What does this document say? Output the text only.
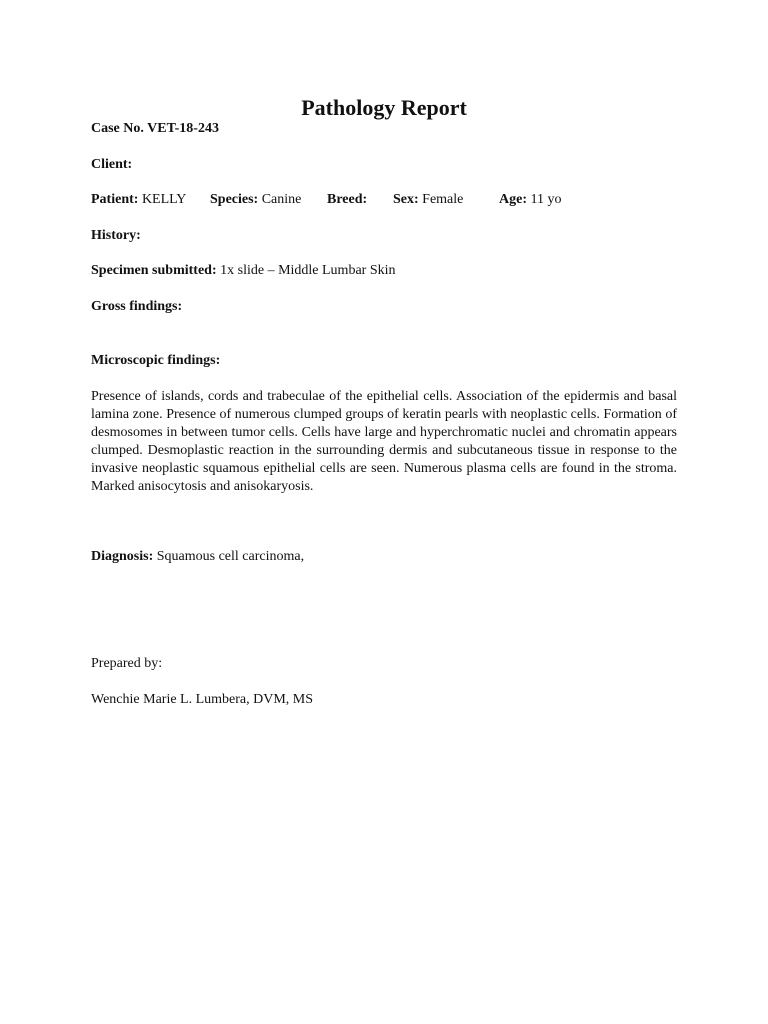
Pathology Report
Case No. VET-18-243
Client:
Patient: KELLY Species: Canine Breed: Sex: Female	Age: 11 yo
History:
Specimen submitted: 1x slide – Middle Lumbar Skin
Gross findings:
Microscopic findings:
Presence of islands, cords and trabeculae of the epithelial cells. Association of the epidermis and basal lamina zone. Presence of numerous clumped groups of keratin pearls with neoplastic cells. Formation of desmosomes in between tumor cells. Cells have large and hyperchromatic nuclei and chromatin appears clumped. Desmoplastic reaction in the surrounding dermis and subcutaneous tissue in response to the invasive neoplastic squamous epithelial cells are seen. Numerous plasma cells are found in the stroma. Marked anisocytosis and anisokaryosis.
Diagnosis: Squamous cell carcinoma,
Prepared by:
Wenchie Marie L. Lumbera, DVM, MS
